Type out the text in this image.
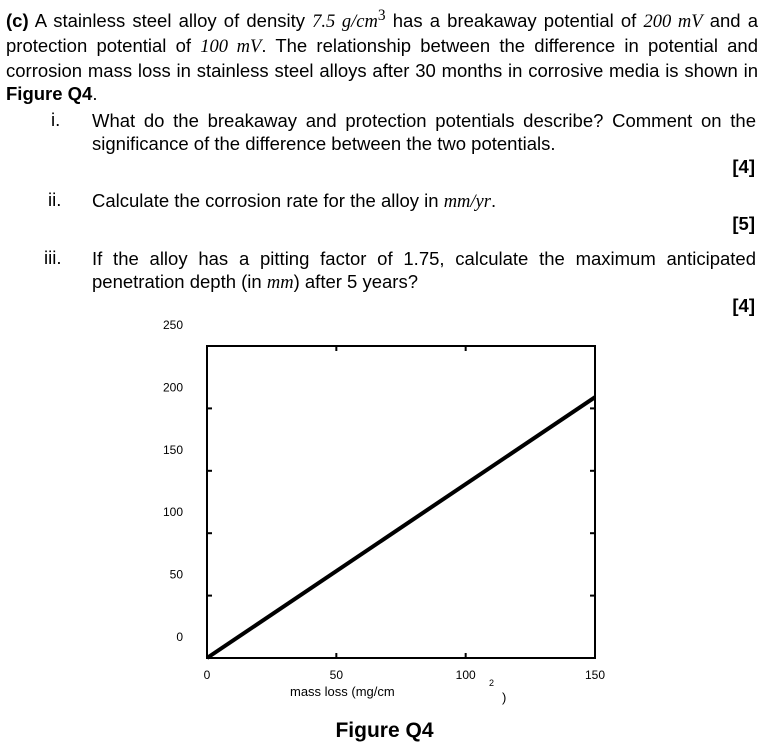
(c) A stainless steel alloy of density 7.5 $g/cm^3$ has a breakaway potential of 200 mV and a protection potential of 100 mV. The relationship between the difference in potential and corrosion mass loss in stainless steel alloys after 30 months in corrosive media is shown in Figure Q4.

i. What do the breakaway and protection potentials describe? Comment on the significance of the difference between the two potentials.
[4]
ii. Calculate the corrosion rate for the alloy in mm/yr.
[5]
iii. If the alloy has a pitting factor of 1.75, calculate the maximum anticipated penetration depth (in mm) after 5 years?
[4]
0
50
100
150
200
250
0	50	100	150
mass loss (mg/cm
2
)
Figure Q4
